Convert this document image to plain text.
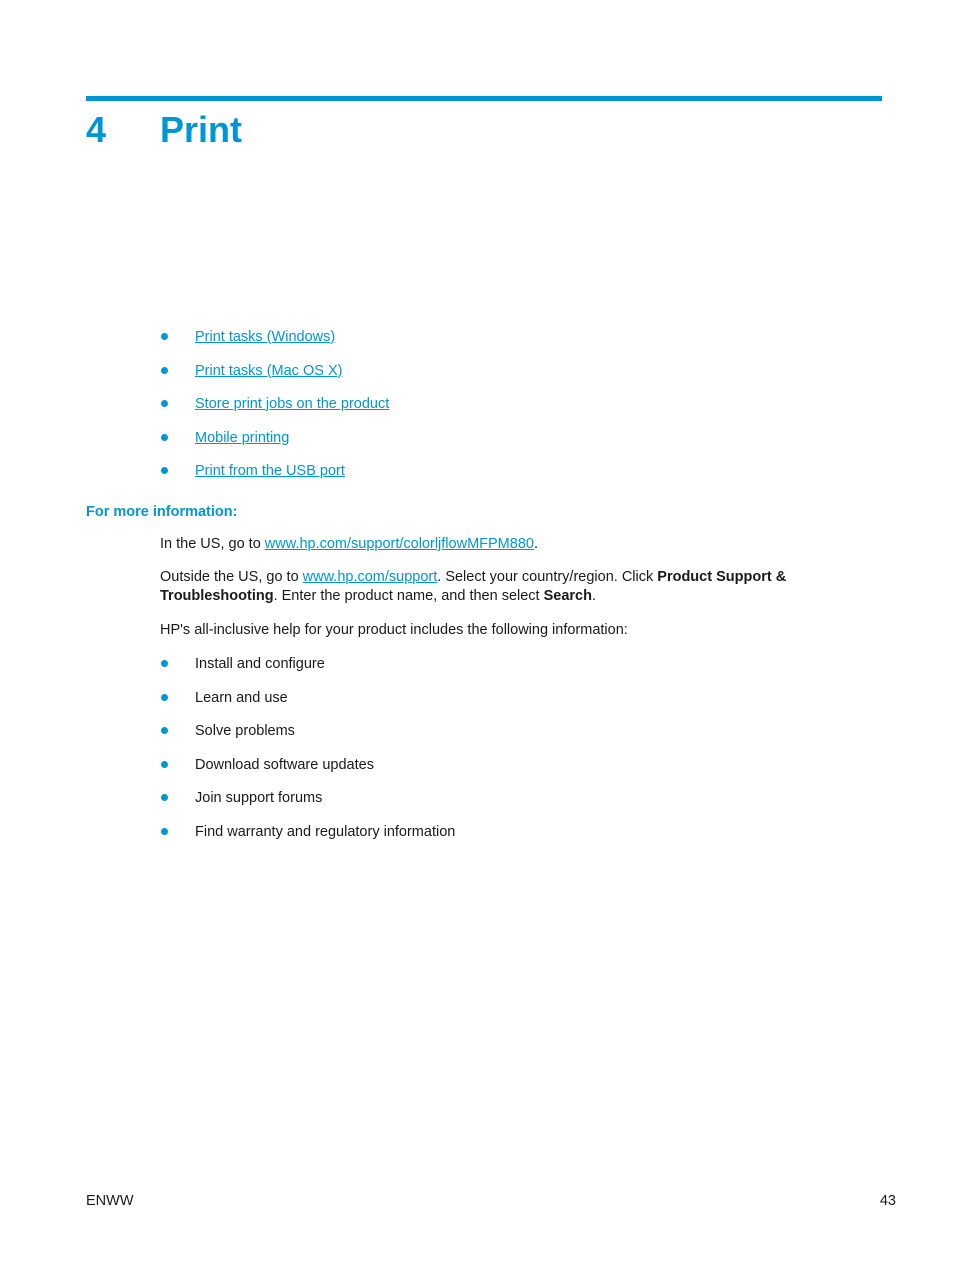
4 Print
Print tasks (Windows)
Print tasks (Mac OS X)
Store print jobs on the product
Mobile printing
Print from the USB port
For more information:

In the US, go to www.hp.com/support/colorljflowMFPM880.

Outside the US, go to www.hp.com/support. Select your country/region. Click Product Support & Troubleshooting. Enter the product name, and then select Search.

HP's all-inclusive help for your product includes the following information:

Install and configure
Learn and use
Solve problems
Download software updates
Join support forums
Find warranty and regulatory information
ENWW	43
